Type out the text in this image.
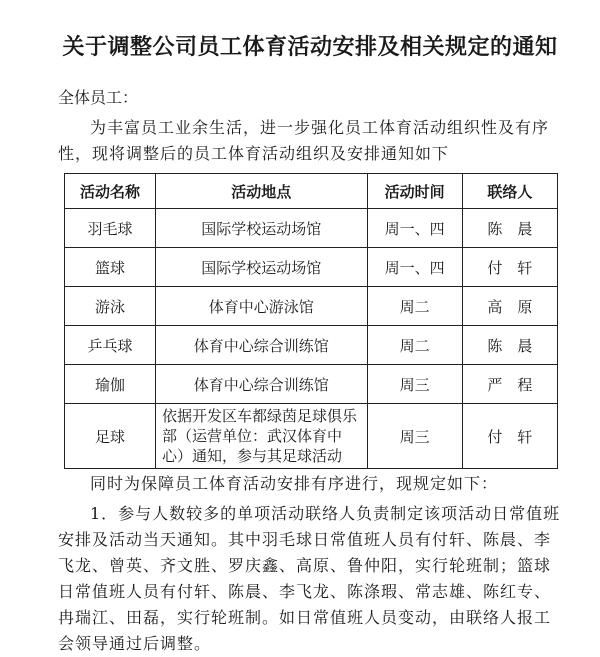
关于调整公司员工体育活动安排及相关规定的通知
全体员工：
为丰富员工业余生活，进一步强化员工体育活动组织性及有序性，现将调整后的员工体育活动组织及安排通知如下
活动名称	活动地点	活动时间	联络人
羽毛球	国际学校运动场馆	周一、四	陈　晨
篮球	国际学校运动场馆	周一、四	付　轩
游泳	体育中心游泳馆	周二	高　原
乒乓球	体育中心综合训练馆	周二	陈　晨
瑜伽	体育中心综合训练馆	周三	严　程
足球	依据开发区车都绿茵足球俱乐部（运营单位：武汉体育中心）通知，参与其足球活动	周三	付　轩
同时为保障员工体育活动安排有序进行，现规定如下：
1．参与人数较多的单项活动联络人负责制定该项活动日常值班安排及活动当天通知。其中羽毛球日常值班人员有付轩、陈晨、李飞龙、曾英、齐文胜、罗庆鑫、高原、鲁仲阳，实行轮班制；篮球日常值班人员有付轩、陈晨、李飞龙、陈涤瑕、常志雄、陈红专、冉瑞江、田磊，实行轮班制。如日常值班人员变动，由联络人报工会领导通过后调整。
